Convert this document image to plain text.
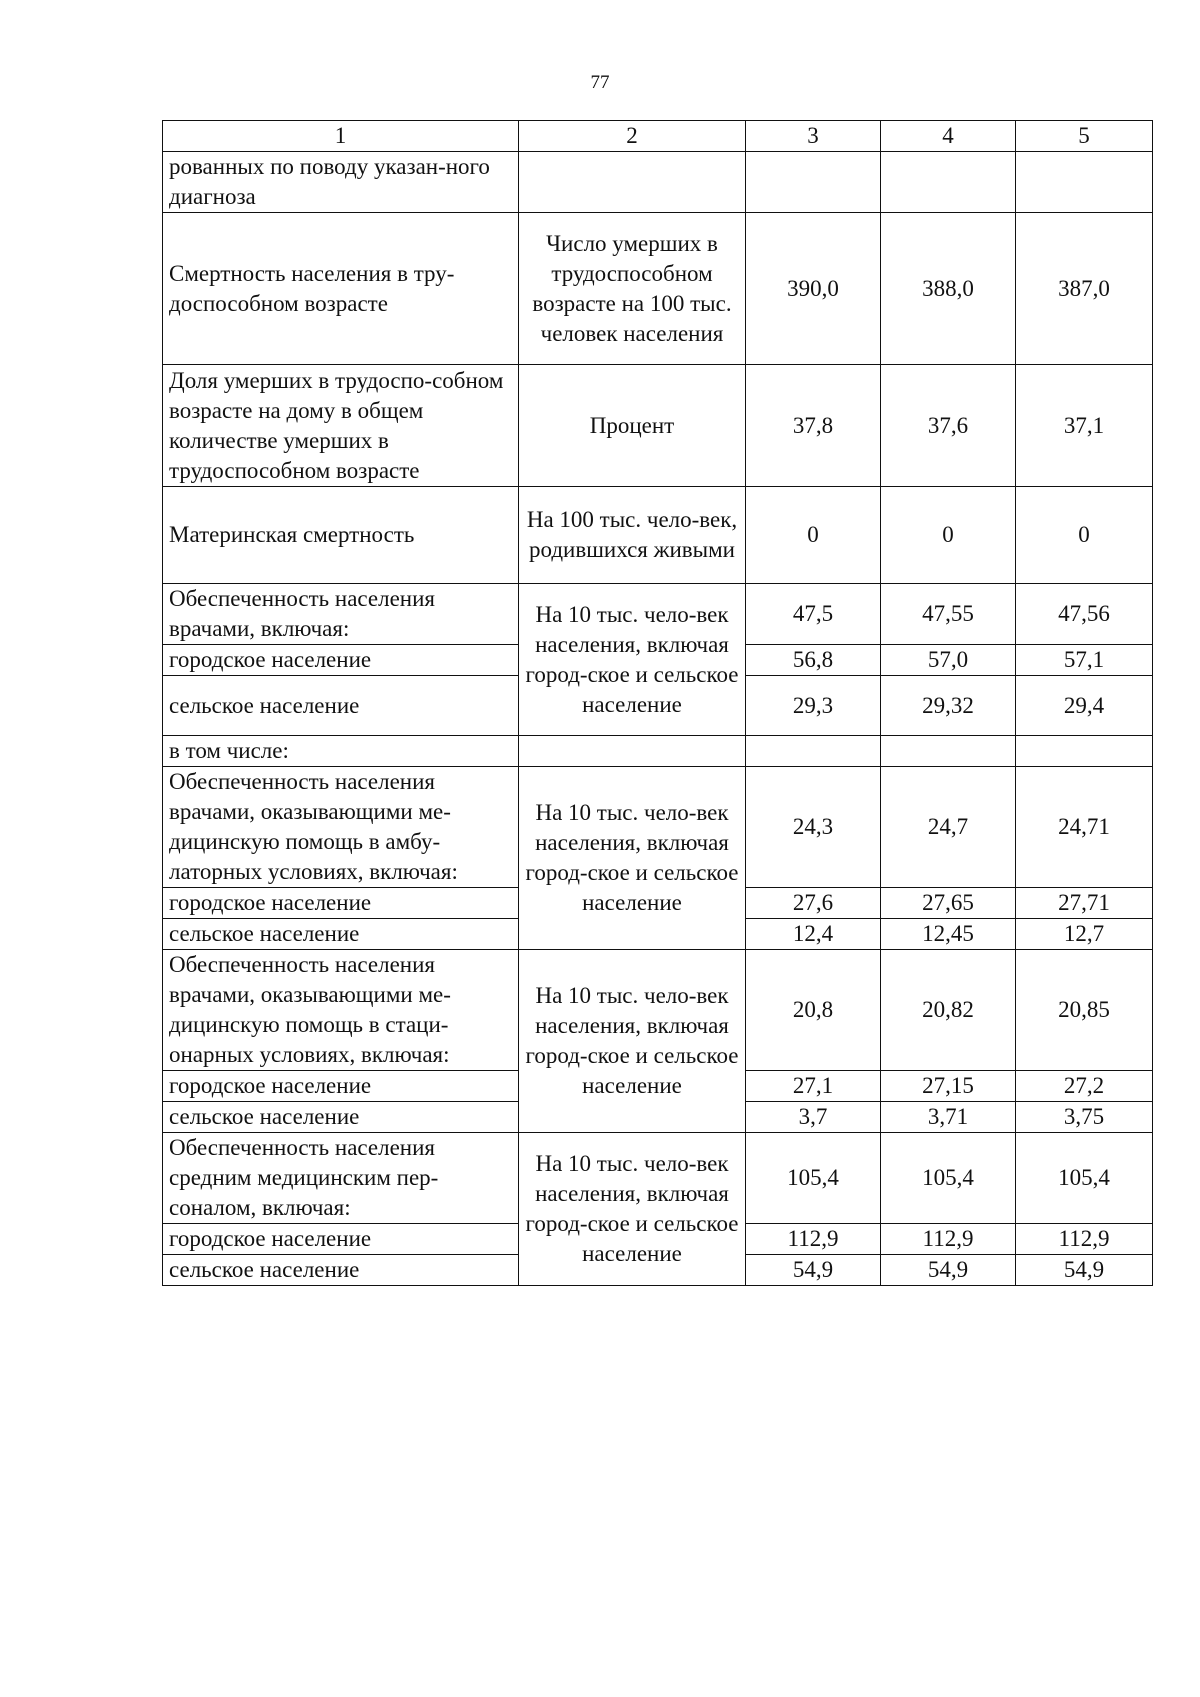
77
1	2	3	4	5
рованных по поводу указан-ного диагноза				
Смертность населения в тру-доспособном возрасте	Число умерших в трудоспособном возрасте на 100 тыс. человек населения	390,0	388,0	387,0
Доля умерших в трудоспо-собном возрасте на дому в общем количестве умерших в трудоспособном возрасте	Процент	37,8	37,6	37,1
Материнская смертность	На 100 тыс. чело-век, родившихся живыми	0	0	0
Обеспеченность населения врачами, включая:	На 10 тыс. чело-век населения, включая город-ское и сельское население	47,5	47,55	47,56
городское население		56,8	57,0	57,1
сельское население		29,3	29,32	29,4
в том числе:				
Обеспеченность населения врачами, оказывающими ме-дицинскую помощь в амбу-латорных условиях, включая:	На 10 тыс. чело-век населения, включая город-ское и сельское население	24,3	24,7	24,71
городское население		27,6	27,65	27,71
сельское население		12,4	12,45	12,7
Обеспеченность населения врачами, оказывающими ме-дицинскую помощь в стаци-онарных условиях, включая:	На 10 тыс. чело-век населения, включая город-ское и сельское население	20,8	20,82	20,85
городское население		27,1	27,15	27,2
сельское население		3,7	3,71	3,75
Обеспеченность населения средним медицинским пер-соналом, включая:	На 10 тыс. чело-век населения, включая город-ское и сельское население	105,4	105,4	105,4
городское население		112,9	112,9	112,9
сельское население		54,9	54,9	54,9
